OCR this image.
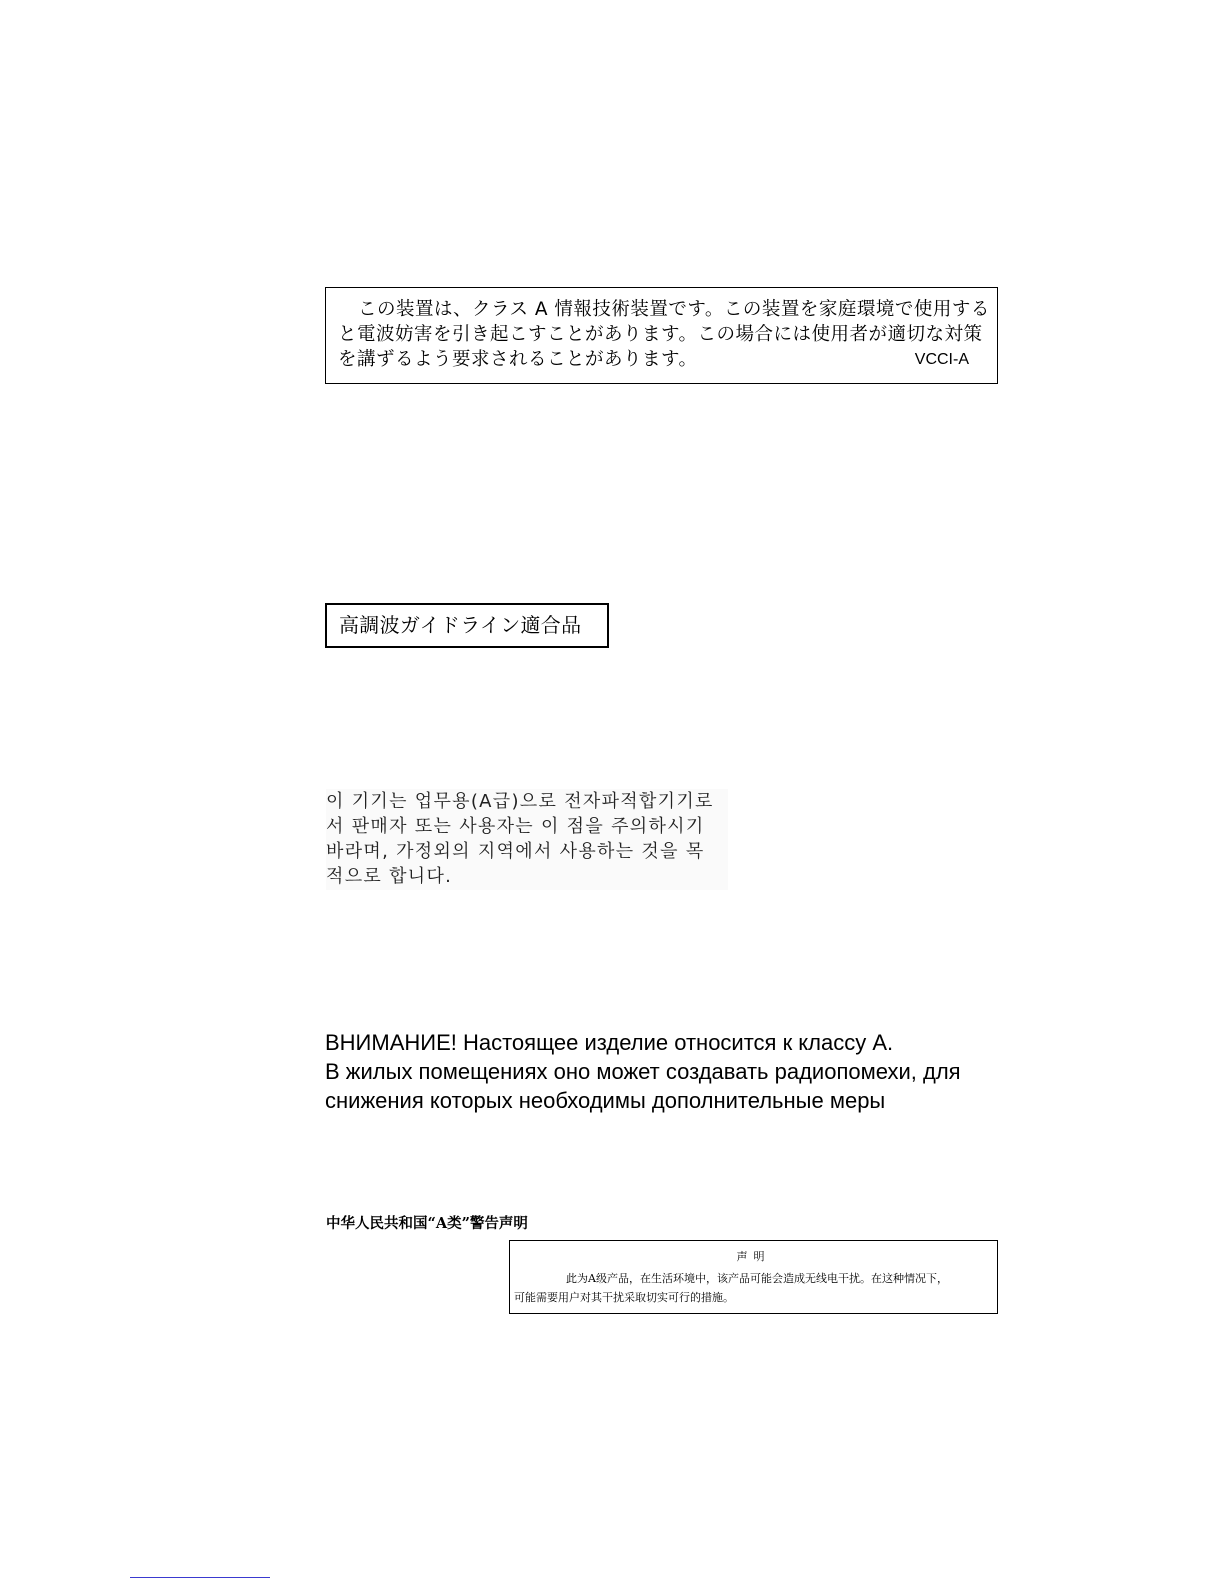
この装置は、クラス A 情報技術装置です。この装置を家庭環境で使用する
と電波妨害を引き起こすことがあります。この場合には使用者が適切な対策
を講ずるよう要求されることがあります。	VCCI-A
高調波ガイドライン適合品
이 기기는 업무용(A급)으로 전자파적합기기로
서 판매자 또는 사용자는 이 점을 주의하시기
바라며, 가정외의 지역에서 사용하는 것을 목
적으로 합니다.
ВНИМАНИЕ! Настоящее изделие относится к классу А.
В жилых помещениях оно может создавать радиопомехи, для
снижения которых необходимы дополнительные меры
中华人民共和国“A类”警告声明
声明
此为A级产品，在生活环境中，该产品可能会造成无线电干扰。在这种情况下，
可能需要用户对其干扰采取切实可行的措施。
